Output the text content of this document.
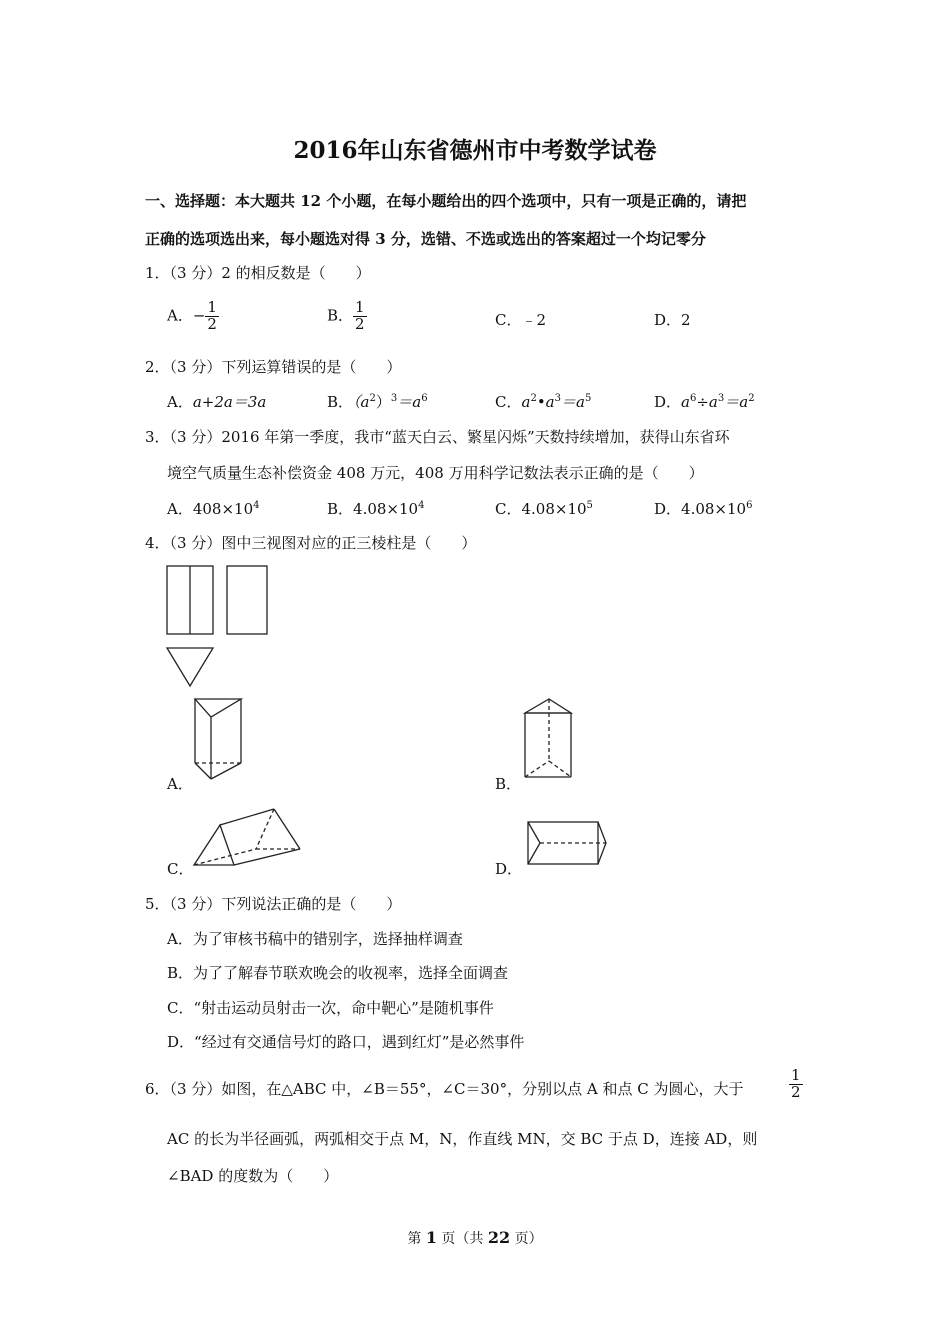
2016年山东省德州市中考数学试卷
一、选择题：本大题共 12 个小题，在每小题给出的四个选项中，只有一项是正确的，请把
正确的选项选出来，每小题选对得 3 分，选错、不选或选出的答案超过一个均记零分
1．（3 分）2 的相反数是（　　）
A．− $\frac{1}{2}$	B． $\frac{1}{2}$	C．﹣2	D．2
2．（3 分）下列运算错误的是（　　）
A．a+2a＝3a	B．$(a^2)^3=a^6$	C．$a^2•a^3=a^5$	D．$a^6\div a^3=a^2$
3．（3 分）2016 年第一季度，我市“蓝天白云、繁星闪烁”天数持续增加，获得山东省环
境空气质量生态补偿资金 408 万元，408 万用科学记数法表示正确的是（　　）
A．$408\times 10^4$	B．$4.08\times 10^4$	C．$4.08\times 10^5$	D．$4.08\times 10^6$
4．（3 分）图中三视图对应的正三棱柱是（　　）
A．	B．
C．	D．
5．（3 分）下列说法正确的是（　　）
A．为了审核书稿中的错别字，选择抽样调查
B．为了了解春节联欢晚会的收视率，选择全面调查
C．“射击运动员射击一次，命中靶心”是随机事件
D．“经过有交通信号灯的路口，遇到红灯”是必然事件
6．（3 分）如图，在△ABC 中，∠B＝55°，∠C＝30°，分别以点 A 和点 C 为圆心，大于	$\frac{1}{2}$
AC 的长为半径画弧，两弧相交于点 M，N，作直线 MN，交 BC 于点 D，连接 AD，则
∠BAD 的度数为（　　）
第 1 页（共 22 页）
